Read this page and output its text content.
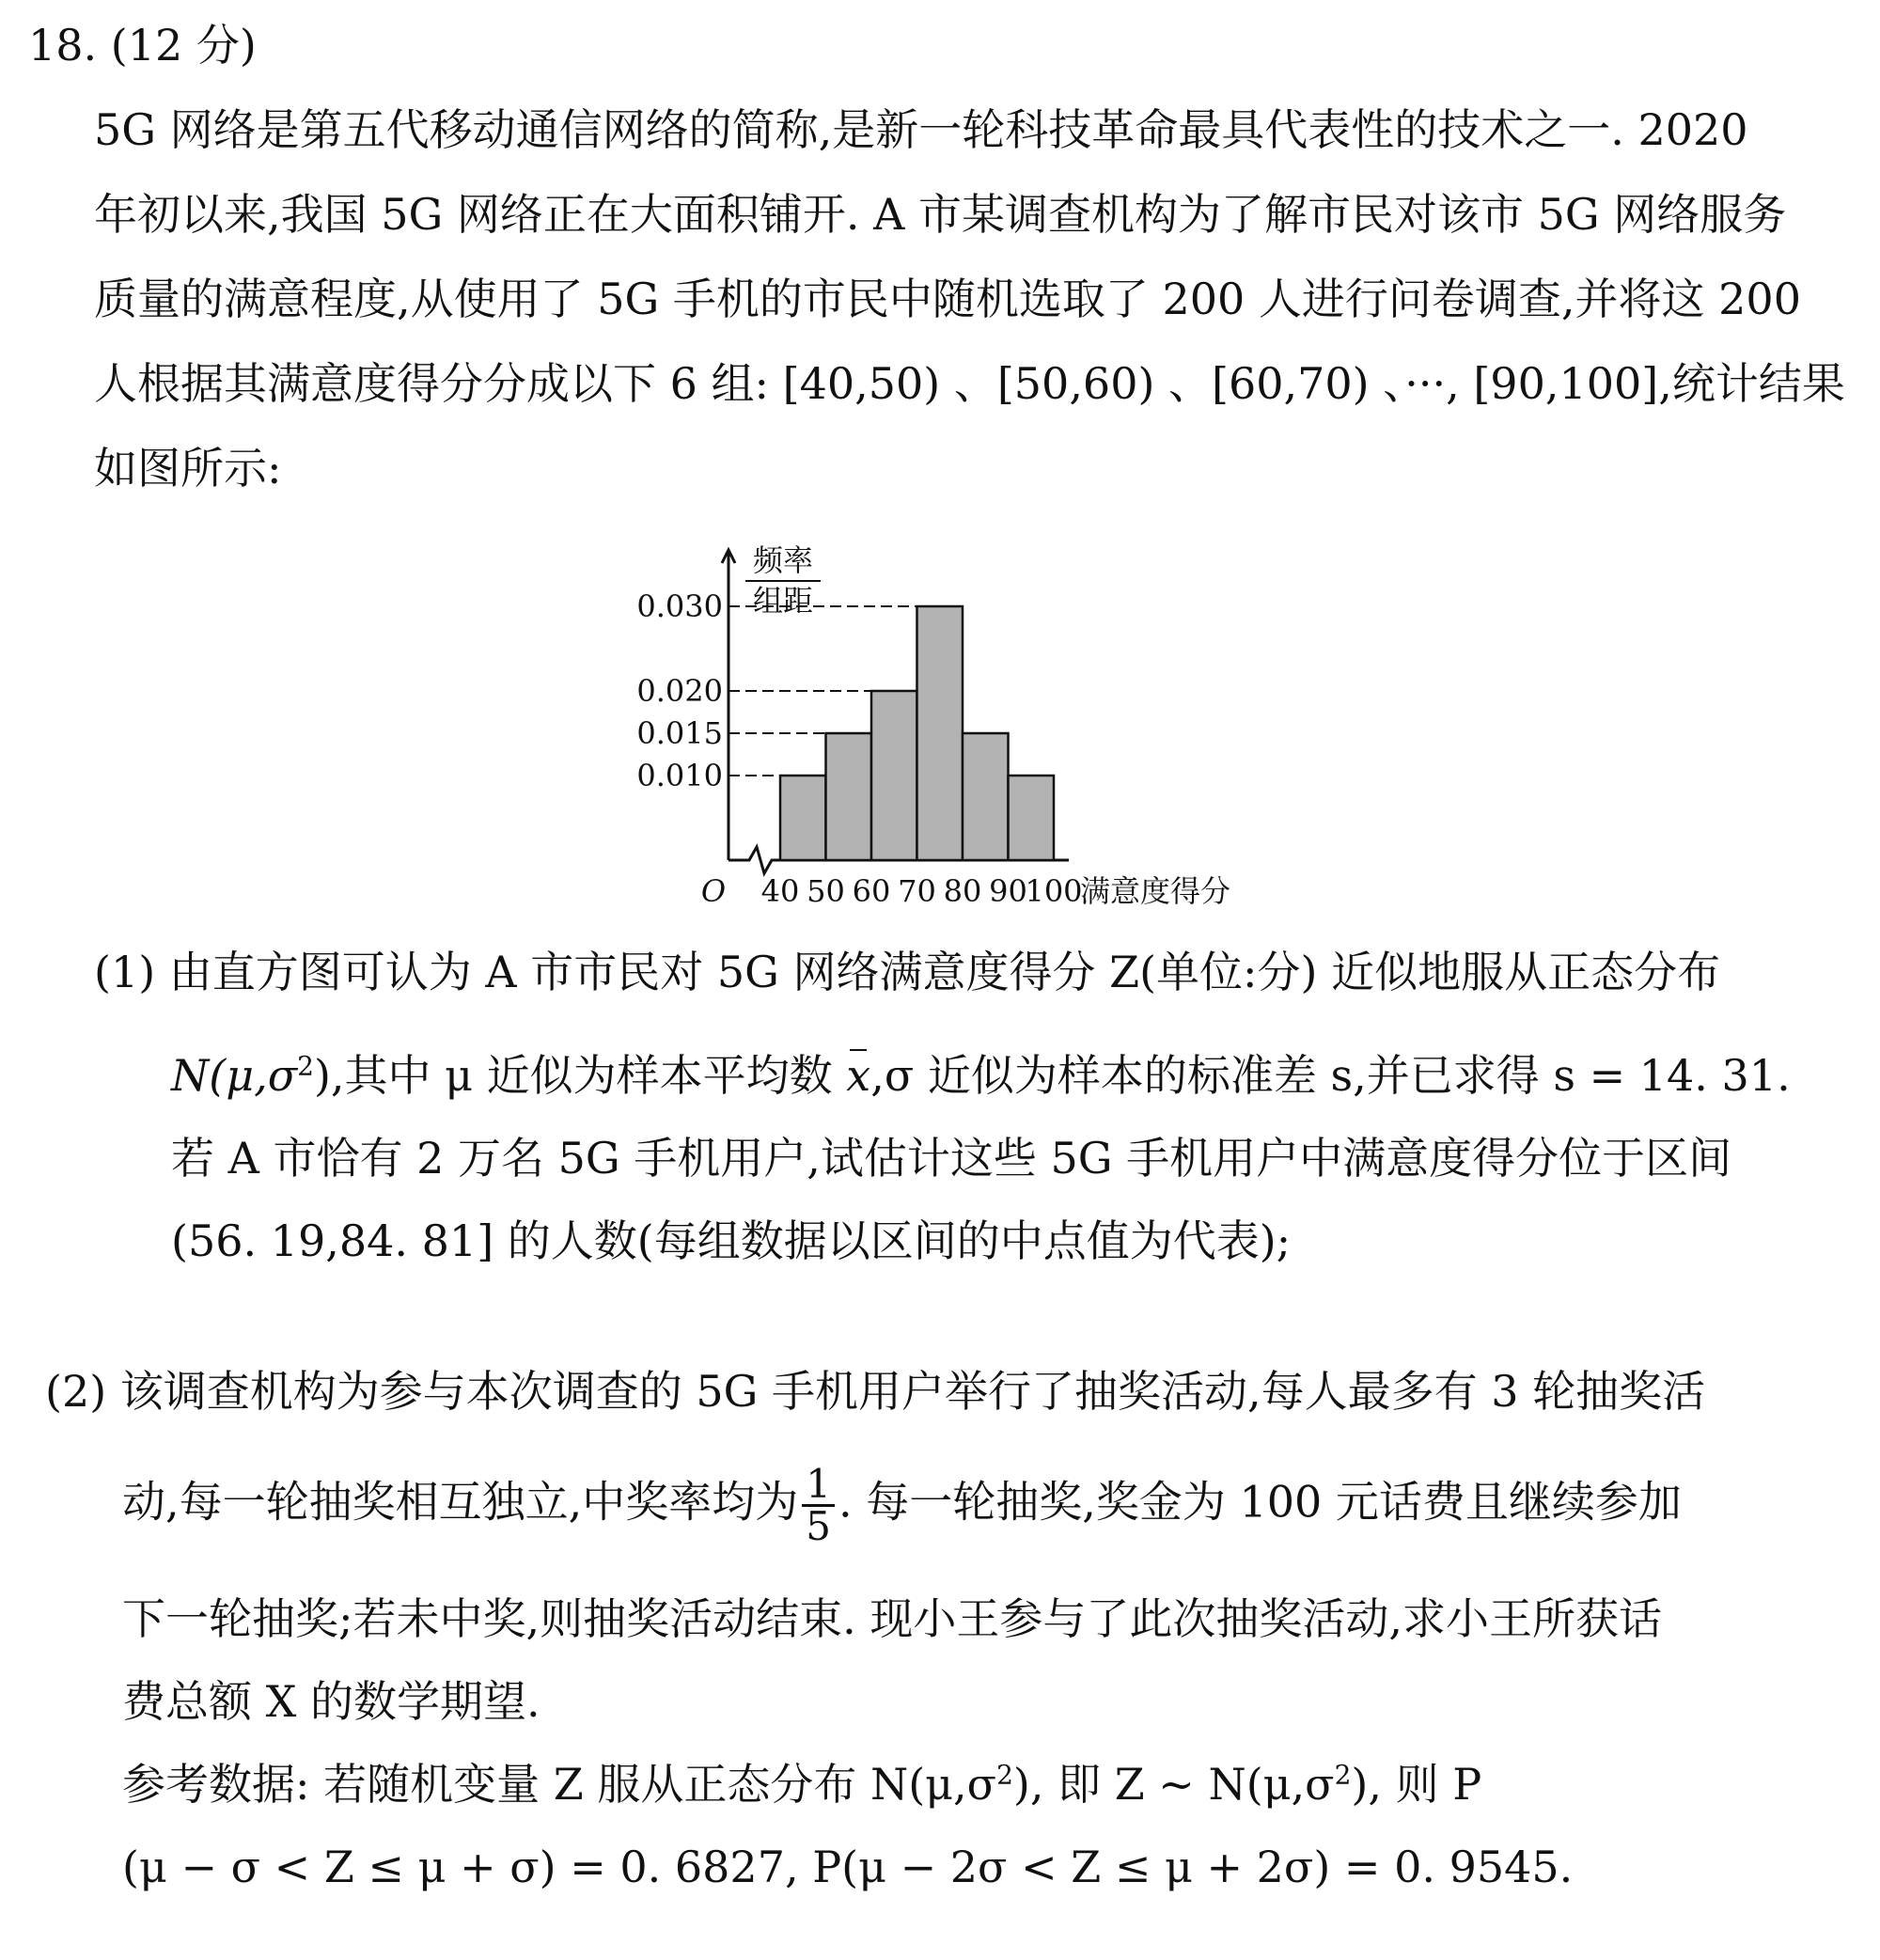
18. (12 分)
5G 网络是第五代移动通信网络的简称,是新一轮科技革命最具代表性的技术之一. 2020
年初以来,我国 5G 网络正在大面积铺开. A 市某调查机构为了解市民对该市 5G 网络服务
质量的满意程度,从使用了 5G 手机的市民中随机选取了 200 人进行问卷调查,并将这 200
人根据其满意度得分分成以下 6 组: [40,50) 、[50,60) 、[60,70) 、···, [90,100],统计结果
如图所示:
频率
组距
0.030
0.020
0.015
0.010
40 50 60 70 80 90
100
O	满意度得分
(1) 由直方图可认为 A 市市民对 5G 网络满意度得分 Z(单位:分) 近似地服从正态分布
$N(\mu,\sigma^2)$,其中 μ 近似为样本平均数 x,σ 近似为样本的标准差 s,并已求得 s = 14. 31.
若 A 市恰有 2 万名 5G 手机用户,试估计这些 5G 手机用户中满意度得分位于区间
(56. 19,84. 81] 的人数(每组数据以区间的中点值为代表);
(2) 该调查机构为参与本次调查的 5G 手机用户举行了抽奖活动,每人最多有 3 轮抽奖活
动,每一轮抽奖相互独立,中奖率均为 $\frac{1}{5}$ . 每一轮抽奖,奖金为 100 元话费且继续参加
下一轮抽奖;若未中奖,则抽奖活动结束. 现小王参与了此次抽奖活动,求小王所获话
费总额 X 的数学期望.
参考数据: 若随机变量 Z 服从正态分布 $N(\mu,\sigma^2)$, 即 Z ~ $N(\mu,\sigma^2)$, 则 P
(μ − σ < Z ≤ μ + σ) = 0. 6827, P(μ − 2σ < Z ≤ μ + 2σ) = 0. 9545.
